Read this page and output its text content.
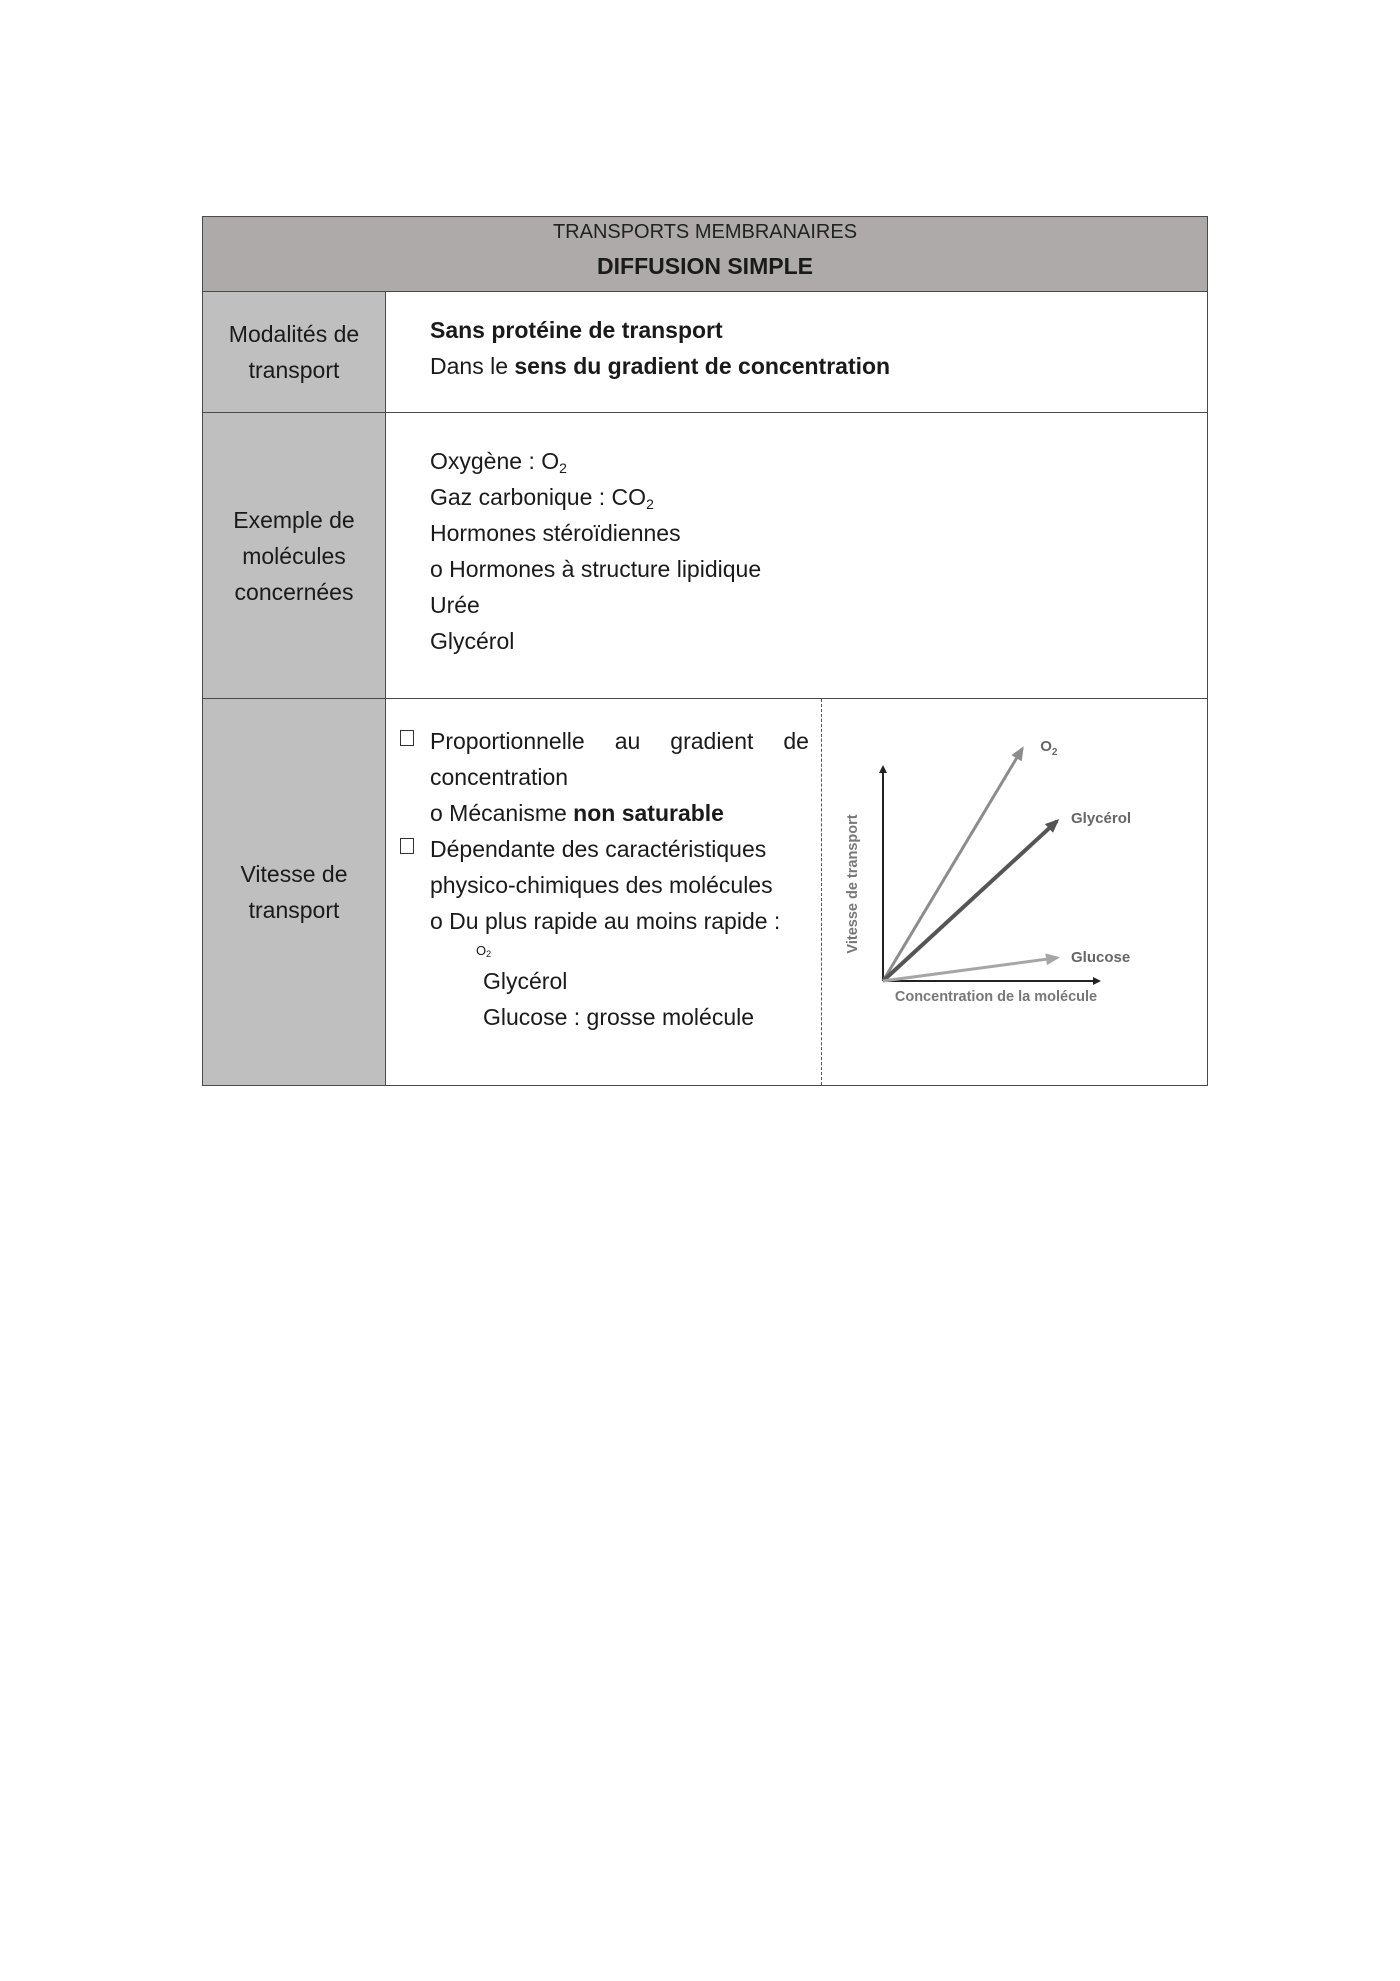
TRANSPORTS MEMBRANAIRES
DIFFUSION SIMPLE
Modalités de
transport
Sans protéine de transport
Dans le sens du gradient de concentration
Exemple de
molécules
concernées
Oxygène : $O_2$
Gaz carbonique : $CO_2$
Hormones stéroïdiennes
o Hormones à structure lipidique
Urée
Glycérol
Vitesse de
transport
Proportionnelle au gradient de
concentration
o Mécanisme non saturable
Dépendante des caractéristiques
physico-chimiques des molécules
o Du plus rapide au moins rapide :
$O_2$
Glycérol
Glucose : grosse molécule
$O_2$
Glycérol
Glucose
Vitesse de transport
Concentration de la molécule
